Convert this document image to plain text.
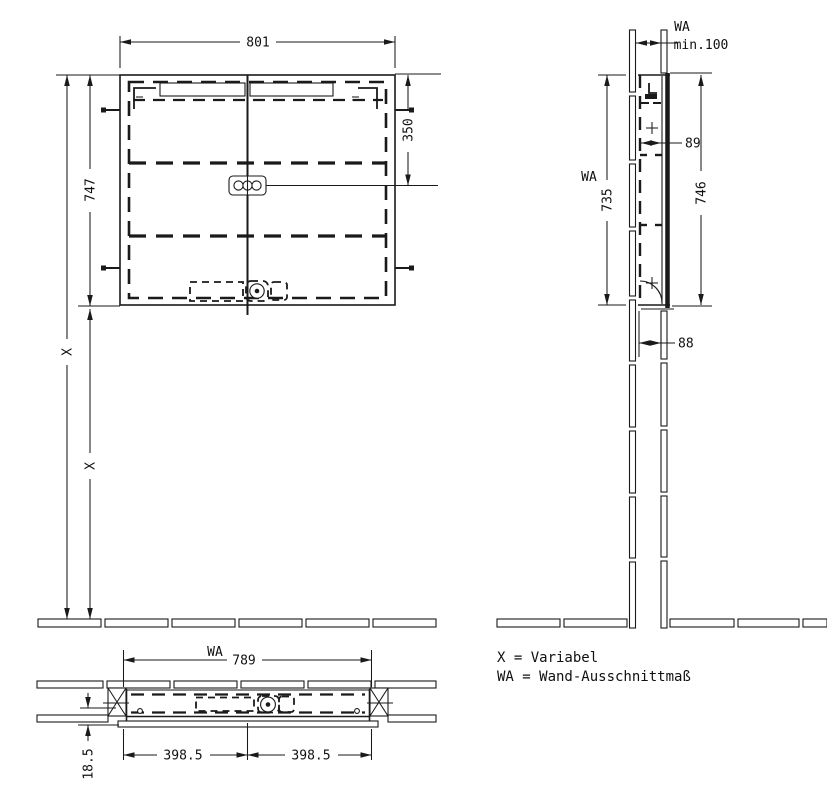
801
747
X
X
350
WA
min.100
WA
735	746
89
88
WA
789
18.5	398.5	398.5
X = Variabel
WA = Wand-Ausschnittmaß
